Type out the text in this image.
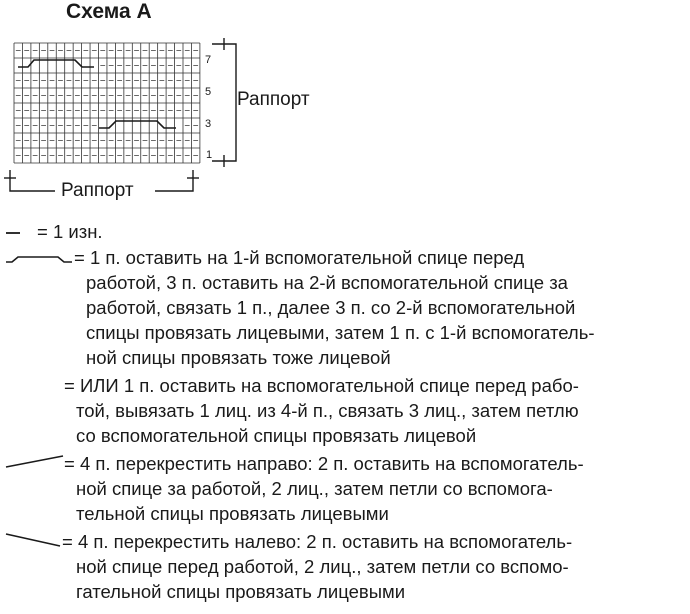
Схема А
7
5
3
1
Раппорт
Раппорт
= 1 изн.
= 1 п. оставить на 1-й вспомогательной спице перед
работой, 3 п. оставить на 2-й вспомогательной спице за
работой, связать 1 п., далее 3 п. со 2-й вспомогательной
спицы провязать лицевыми, затем 1 п. с 1-й вспомогатель-
ной спицы провязать тоже лицевой
= ИЛИ 1 п. оставить на вспомогательной спице перед рабо-
той, вывязать 1 лиц. из 4-й п., связать 3 лиц., затем петлю
со вспомогательной спицы провязать лицевой
= 4 п. перекрестить направо: 2 п. оставить на вспомогатель-
ной спице за работой, 2 лиц., затем петли со вспомога-
тельной спицы провязать лицевыми
= 4 п. перекрестить налево: 2 п. оставить на вспомогатель-
ной спице перед работой, 2 лиц., затем петли со вспомо-
гательной спицы провязать лицевыми
